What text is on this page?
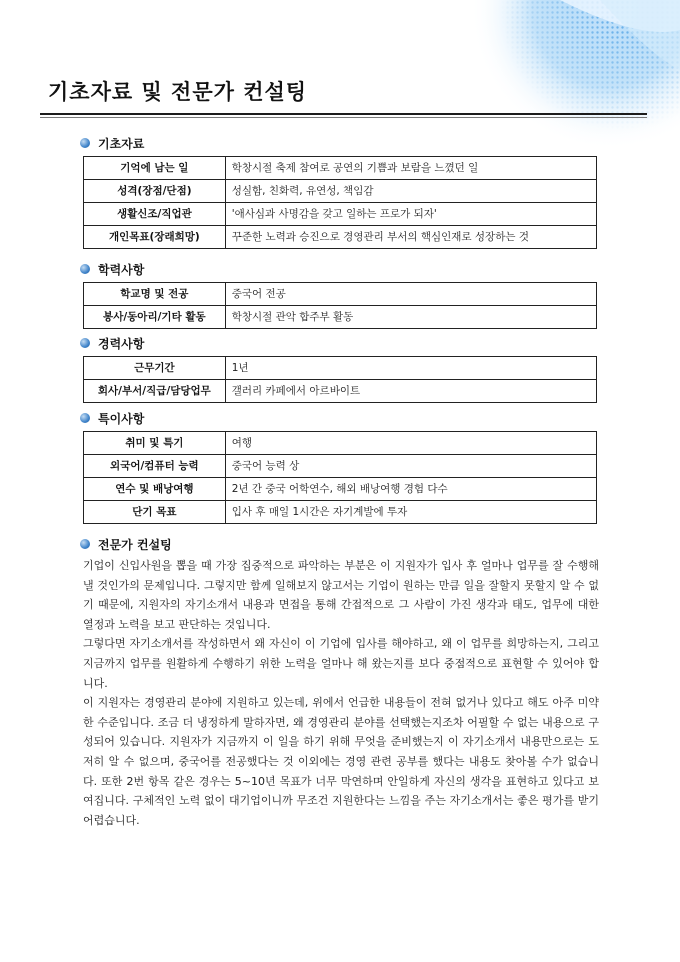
기초자료 및 전문가 컨설팅
기초자료
기억에 남는 일	학창시절 축제 참여로 공연의 기쁨과 보람을 느꼈던 일
성격(장점/단점)	성실함, 친화력, 유연성, 책임감
생활신조/직업관	'애사심과 사명감을 갖고 일하는 프로가 되자'
개인목표(장래희망)	꾸준한 노력과 승진으로 경영관리 부서의 핵심인재로 성장하는 것
학력사항
학교명 및 전공	중국어 전공
봉사/동아리/기타 활동	학창시절 관악 합주부 활동
경력사항
근무기간	1년
회사/부서/직급/담당업무	갤러리 카페에서 아르바이트
특이사항
취미 및 특기	여행
외국어/컴퓨터 능력	중국어 능력 상
연수 및 배낭여행	2년 간 중국 어학연수, 해외 배낭여행 경험 다수
단기 목표	입사 후 매일 1시간은 자기계발에 투자
전문가 컨설팅

기업이 신입사원을 뽑을 때 가장 집중적으로 파악하는 부분은 이 지원자가 입사 후 얼마나 업무를 잘 수행해낼 것인가의 문제입니다. 그렇지만 함께 일해보지 않고서는 기업이 원하는 만큼 일을 잘할지 못할지 알 수 없기 때문에, 지원자의 자기소개서 내용과 면접을 통해 간접적으로 그 사람이 가진 생각과 태도, 업무에 대한 열정과 노력을 보고 판단하는 것입니다.

그렇다면 자기소개서를 작성하면서 왜 자신이 이 기업에 입사를 해야하고, 왜 이 업무를 희망하는지, 그리고 지금까지 업무를 원활하게 수행하기 위한 노력을 얼마나 해 왔는지를 보다 중점적으로 표현할 수 있어야 합니다.

이 지원자는 경영관리 분야에 지원하고 있는데, 위에서 언급한 내용들이 전혀 없거나 있다고 해도 아주 미약한 수준입니다. 조금 더 냉정하게 말하자면, 왜 경영관리 분야를 선택했는지조차 어필할 수 없는 내용으로 구성되어 있습니다. 지원자가 지금까지 이 일을 하기 위해 무엇을 준비했는지 이 자기소개서 내용만으로는 도저히 알 수 없으며, 중국어를 전공했다는 것 이외에는 경영 관련 공부를 했다는 내용도 찾아볼 수가 없습니다. 또한 2번 항목 같은 경우는 5~10년 목표가 너무 막연하며 안일하게 자신의 생각을 표현하고 있다고 보여집니다. 구체적인 노력 없이 대기업이니까 무조건 지원한다는 느낌을 주는 자기소개서는 좋은 평가를 받기 어렵습니다.
